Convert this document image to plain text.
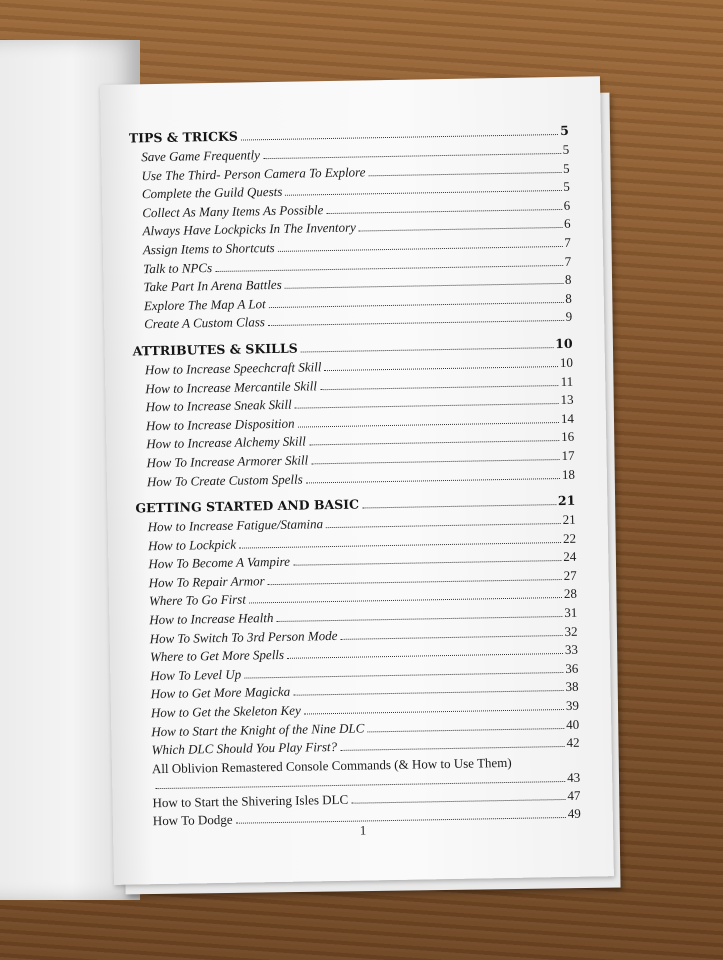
TIPS & TRICKS	5
Save Game Frequently	5
Use The Third- Person Camera To Explore	5
Complete the Guild Quests	5
Collect As Many Items As Possible	6
Always Have Lockpicks In The Inventory	6
Assign Items to Shortcuts	7
Talk to NPCs	7
Take Part In Arena Battles	8
Explore The Map A Lot	8
Create A Custom Class	9
ATTRIBUTES & SKILLS	10
How to Increase Speechcraft Skill	10
How to Increase Mercantile Skill	11
How to Increase Sneak Skill	13
How to Increase Disposition	14
How to Increase Alchemy Skill	16
How To Increase Armorer Skill	17
How To Create Custom Spells	18
GETTING STARTED AND BASIC	21
How to Increase Fatigue/Stamina	21
How to Lockpick	22
How To Become A Vampire	24
How To Repair Armor	27
Where To Go First	28
How to Increase Health	31
How To Switch To 3rd Person Mode	32
Where to Get More Spells	33
How To Level Up	36
How to Get More Magicka	38
How to Get the Skeleton Key	39
How to Start the Knight of the Nine DLC	40
Which DLC Should You Play First?	42
All Oblivion Remastered Console Commands (& How to Use Them)
43
How to Start the Shivering Isles DLC	47
How To Dodge	49
1
